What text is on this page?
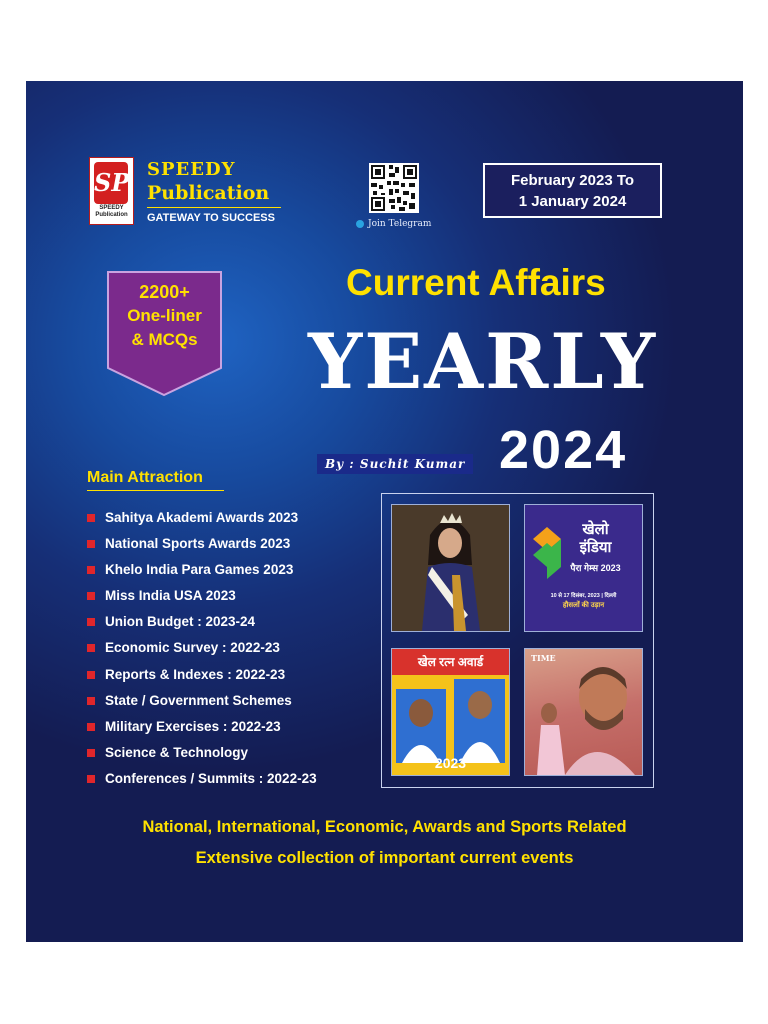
SP
SPEEDY
Publication
SPEEDY
Publication
GATEWAY TO SUCCESS	Join Telegram
February 2023 To
1 January 2024
2200+
One-liner
& MCQs
Current Affairs
YEARLY
By : Suchit Kumar 2024
Main Attraction
Sahitya Akademi Awards 2023
National Sports Awards 2023
Khelo India Para Games 2023
Miss India USA 2023
Union Budget : 2023-24
Economic Survey : 2022-23
Reports & Indexes : 2022-23
State / Government Schemes
Military Exercises : 2022-23
Science & Technology
Conferences / Summits : 2022-23
खेलो
इंडिया
पैरा गेम्स 2023
10 से 17 दिसंबर, 2023 | दिल्ली
हौसलों की उड़ान
खेल रत्न अवार्ड
2023
TIME
National, International, Economic, Awards and Sports Related
Extensive collection of important current events
